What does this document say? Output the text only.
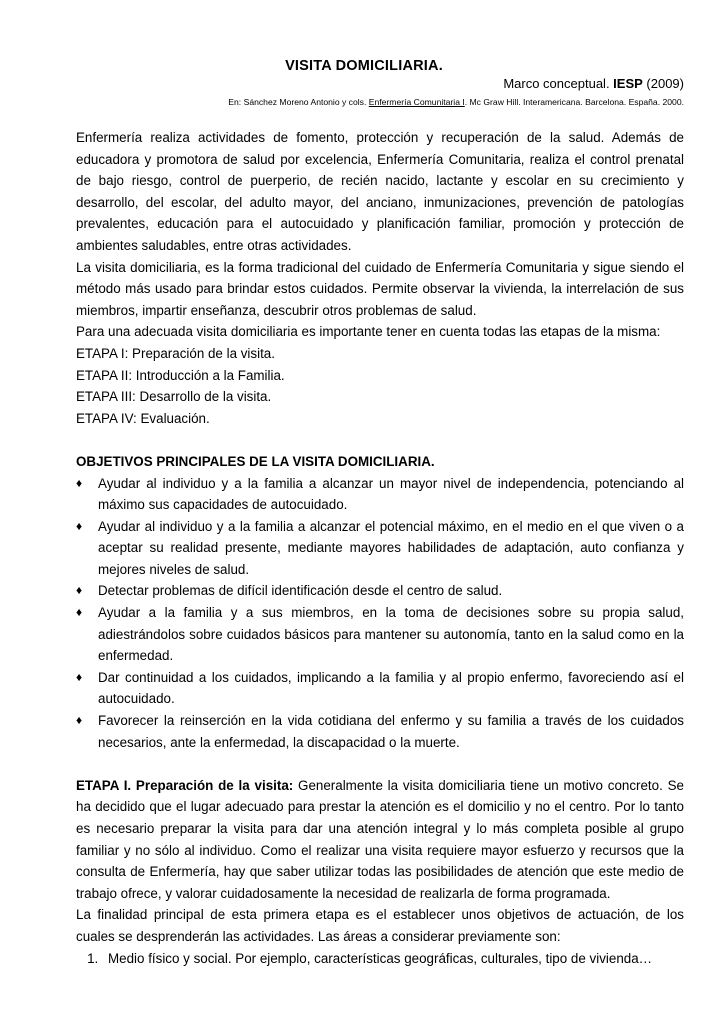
VISITA DOMICILIARIA.
Marco conceptual. IESP (2009)
En: Sánchez Moreno Antonio y cols. Enfermería Comunitaria I. Mc Graw Hill. Interamericana. Barcelona. España. 2000.

Enfermería realiza actividades de fomento, protección y recuperación de la salud. Además de educadora y promotora de salud por excelencia, Enfermería Comunitaria, realiza el control prenatal de bajo riesgo, control de puerperio, de recién nacido, lactante y escolar en su crecimiento y desarrollo, del escolar, del adulto mayor, del anciano, inmunizaciones, prevención de patologías prevalentes, educación para el autocuidado y planificación familiar, promoción y protección de ambientes saludables, entre otras actividades.

La visita domiciliaria, es la forma tradicional del cuidado de Enfermería Comunitaria y sigue siendo el método más usado para brindar estos cuidados. Permite observar la vivienda, la interrelación de sus miembros, impartir enseñanza, descubrir otros problemas de salud.

Para una adecuada visita domiciliaria es importante tener en cuenta todas las etapas de la misma:

ETAPA I: Preparación de la visita.

ETAPA II: Introducción a la Familia.

ETAPA III: Desarrollo de la visita.

ETAPA IV: Evaluación.

OBJETIVOS PRINCIPALES DE LA VISITA DOMICILIARIA.

♦ Ayudar al individuo y a la familia a alcanzar un mayor nivel de independencia, potenciando al máximo sus capacidades de autocuidado.
♦ Ayudar al individuo y a la familia a alcanzar el potencial máximo, en el medio en el que viven o a aceptar su realidad presente, mediante mayores habilidades de adaptación, auto confianza y mejores niveles de salud.
♦ Detectar problemas de difícil identificación desde el centro de salud.
♦ Ayudar a la familia y a sus miembros, en la toma de decisiones sobre su propia salud, adiestrándolos sobre cuidados básicos para mantener su autonomía, tanto en la salud como en la enfermedad.
♦ Dar continuidad a los cuidados, implicando a la familia y al propio enfermo, favoreciendo así el autocuidado.
♦ Favorecer la reinserción en la vida cotidiana del enfermo y su familia a través de los cuidados necesarios, ante la enfermedad, la discapacidad o la muerte.

ETAPA I. Preparación de la visita: Generalmente la visita domiciliaria tiene un motivo concreto. Se ha decidido que el lugar adecuado para prestar la atención es el domicilio y no el centro. Por lo tanto es necesario preparar la visita para dar una atención integral y lo más completa posible al grupo familiar y no sólo al individuo. Como el realizar una visita requiere mayor esfuerzo y recursos que la consulta de Enfermería, hay que saber utilizar todas las posibilidades de atención que este medio de trabajo ofrece, y valorar cuidadosamente la necesidad de realizarla de forma programada.

La finalidad principal de esta primera etapa es el establecer unos objetivos de actuación, de los cuales se desprenderán las actividades. Las áreas a considerar previamente son:

1. Medio físico y social. Por ejemplo, características geográficas, culturales, tipo de vivienda…
